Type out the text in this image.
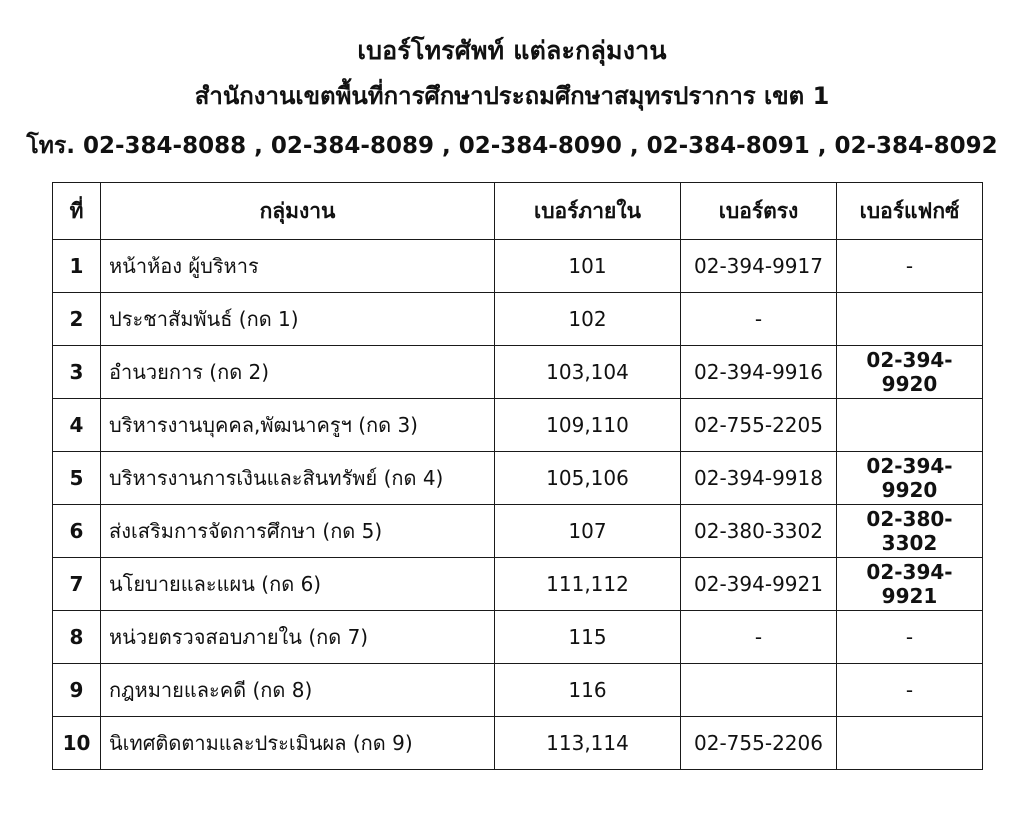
เบอร์โทรศัพท์ แต่ละกลุ่มงาน
สำนักงานเขตพื้นที่การศึกษาประถมศึกษาสมุทรปราการ เขต 1
โทร. 02-384-8088 , 02-384-8089 , 02-384-8090 , 02-384-8091 , 02-384-8092
ที่	กลุ่มงาน	เบอร์ภายใน	เบอร์ตรง	เบอร์แฟกซ์
1	หน้าห้อง ผู้บริหาร	101	02-394-9917	-
2	ประชาสัมพันธ์ (กด 1)	102	-	
3	อำนวยการ (กด 2)	103,104	02-394-9916	02-394-9920
4	บริหารงานบุคคล,พัฒนาครูฯ (กด 3)	109,110	02-755-2205	
5	บริหารงานการเงินและสินทรัพย์ (กด 4)	105,106	02-394-9918	02-394-9920
6	ส่งเสริมการจัดการศึกษา (กด 5)	107	02-380-3302	02-380-3302
7	นโยบายและแผน (กด 6)	111,112	02-394-9921	02-394-9921
8	หน่วยตรวจสอบภายใน (กด 7)	115	-	-
9	กฎหมายและคดี (กด 8)	116		-
10	นิเทศติดตามและประเมินผล (กด 9)	113,114	02-755-2206	
